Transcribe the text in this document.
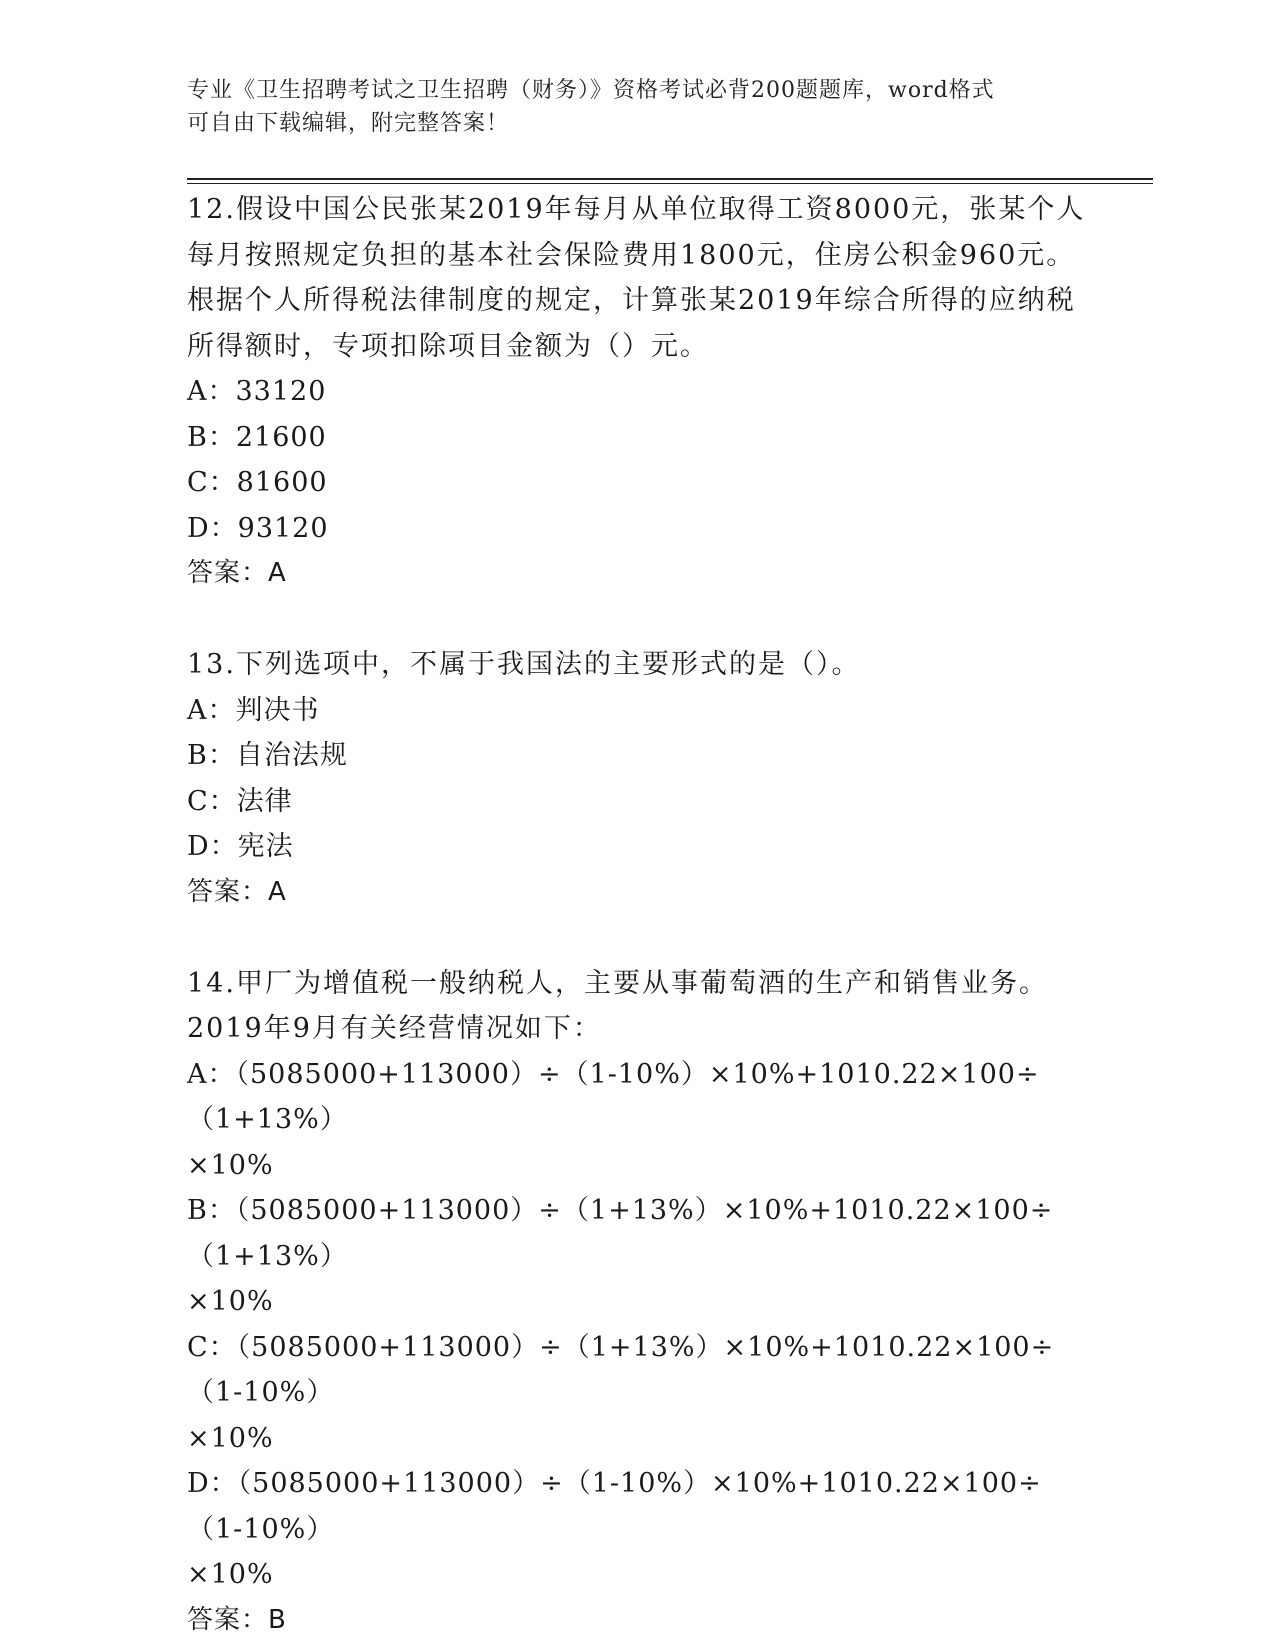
专业《卫生招聘考试之卫生招聘（财务）》资格考试必背200题题库，word格式

可自由下载编辑，附完整答案！

12.假设中国公民张某2019年每月从单位取得工资8000元，张某个人

每月按照规定负担的基本社会保险费用1800元，住房公积金960元。

根据个人所得税法律制度的规定，计算张某2019年综合所得的应纳税

所得额时，专项扣除项目金额为（）元。

A：33120

B：21600

C：81600

D：93120

答案：A

13.下列选项中，不属于我国法的主要形式的是（）。

A：判决书

B：自治法规

C：法律

D：宪法

答案：A

14.甲厂为增值税一般纳税人，主要从事葡萄酒的生产和销售业务。

2019年9月有关经营情况如下：

A：（5085000+113000）÷（1-10%）×10%+1010.22×100÷（1+13%）

×10%

B：（5085000+113000）÷（1+13%）×10%+1010.22×100÷（1+13%）

×10%

C：（5085000+113000）÷（1+13%）×10%+1010.22×100÷（1-10%）

×10%

D：（5085000+113000）÷（1-10%）×10%+1010.22×100÷（1-10%）

×10%

答案：B
